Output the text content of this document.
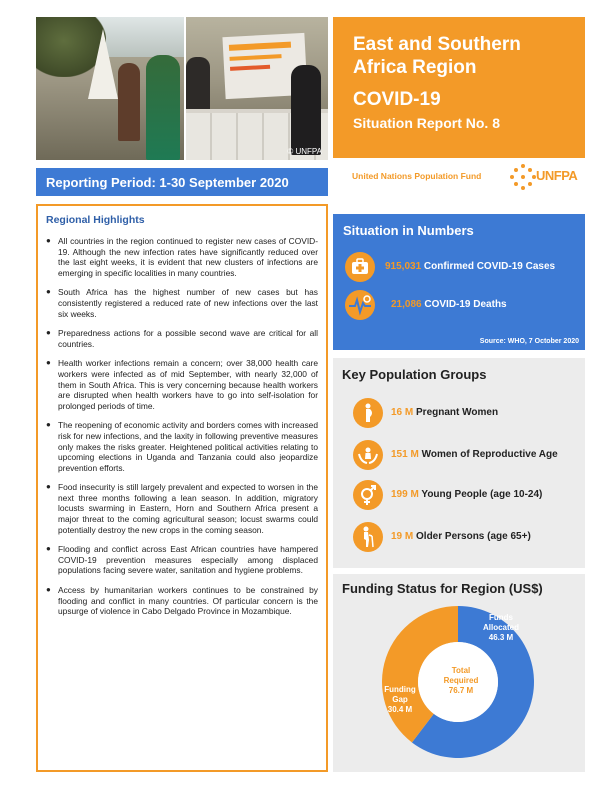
© UNFPA
East and Southern
Africa Region
COVID-19
Situation Report No. 8
Reporting Period: 1-30 September 2020	United Nations Population Fund	UNFPA
Regional Highlights
● All countries in the region continued to register new cases of COVID-19. Although the new infection rates have significantly reduced over the last eight weeks, it is evident that new clusters of infections are emerging in specific localities in many countries.
● South Africa has the highest number of new cases but has consistently registered a reduced rate of new infections over the last six weeks.
● Preparedness actions for a possible second wave are critical for all countries.
● Health worker infections remain a concern; over 38,000 health care workers were infected as of mid September, with nearly 32,000 of them in South Africa. This is very concerning because health workers are disrupted when health workers have to go into self-isolation for prolonged periods of time.
● The reopening of economic activity and borders comes with increased risk for new infections, and the laxity in following preventive measures only makes the risks greater. Heightened political activities relating to upcoming elections in Uganda and Tanzania could also jeopardize prevention efforts.
● Food insecurity is still largely prevalent and expected to worsen in the next three months following a lean season. In addition, migratory locusts swarming in Eastern, Horn and Southern Africa present a major threat to the coming agricultural season; locust swarms could potentially destroy the new crops in the coming season.
● Flooding and conflict across East African countries have hampered COVID-19 prevention measures especially among displaced populations facing severe water, sanitation and hygiene problems.
● Access by humanitarian workers continues to be constrained by flooding and conflict in many countries. Of particular concern is the upsurge of violence in Cabo Delgado Province in Mozambique.
Situation in Numbers
915,031 Confirmed COVID-19 Cases
21,086 COVID-19 Deaths
Source: WHO, 7 October 2020
Key Population Groups
16 M Pregnant Women
151 M Women of Reproductive Age
199 M Young People (age 10-24)
19 M Older Persons (age 65+)
Funding Status for Region (US$)
Funds
Allocated
46.3 M
Total
Required
76.7 M
Funding
Gap
30.4 M
